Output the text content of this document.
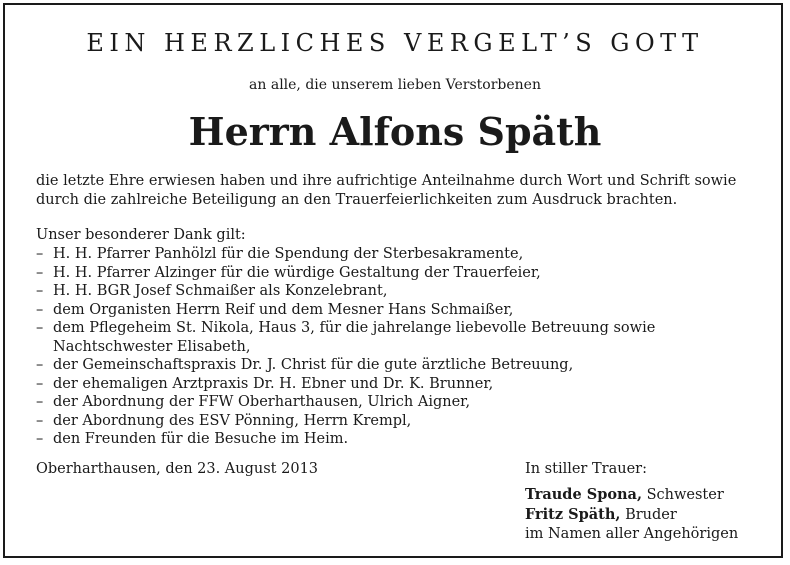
EIN HERZLICHES VERGELT’S GOTT
an alle, die unserem lieben Verstorbenen
Herrn Alfons Späth
die letzte Ehre erwiesen haben und ihre aufrichtige Anteilnahme durch Wort und Schrift sowie
durch die zahlreiche Beteiligung an den Trauerfeierlichkeiten zum Ausdruck brachten.
Unser besonderer Dank gilt:
– H. H. Pfarrer Panhölzl für die Spendung der Sterbesakramente,
– H. H. Pfarrer Alzinger für die würdige Gestaltung der Trauerfeier,
– H. H. BGR Josef Schmaißer als Konzelebrant,
– dem Organisten Herrn Reif und dem Mesner Hans Schmaißer,
– dem Pflegeheim St. Nikola, Haus 3, für die jahrelange liebevolle Betreuung sowie
Nachtschwester Elisabeth,
– der Gemeinschaftspraxis Dr. J. Christ für die gute ärztliche Betreuung,
– der ehemaligen Arztpraxis Dr. H. Ebner und Dr. K. Brunner,
– der Abordnung der FFW Oberharthausen, Ulrich Aigner,
– der Abordnung des ESV Pönning, Herrn Krempl,
– den Freunden für die Besuche im Heim.
Oberharthausen, den 23. August 2013	In stiller Trauer:
Traude Spona, Schwester
Fritz Späth, Bruder
im Namen aller Angehörigen
